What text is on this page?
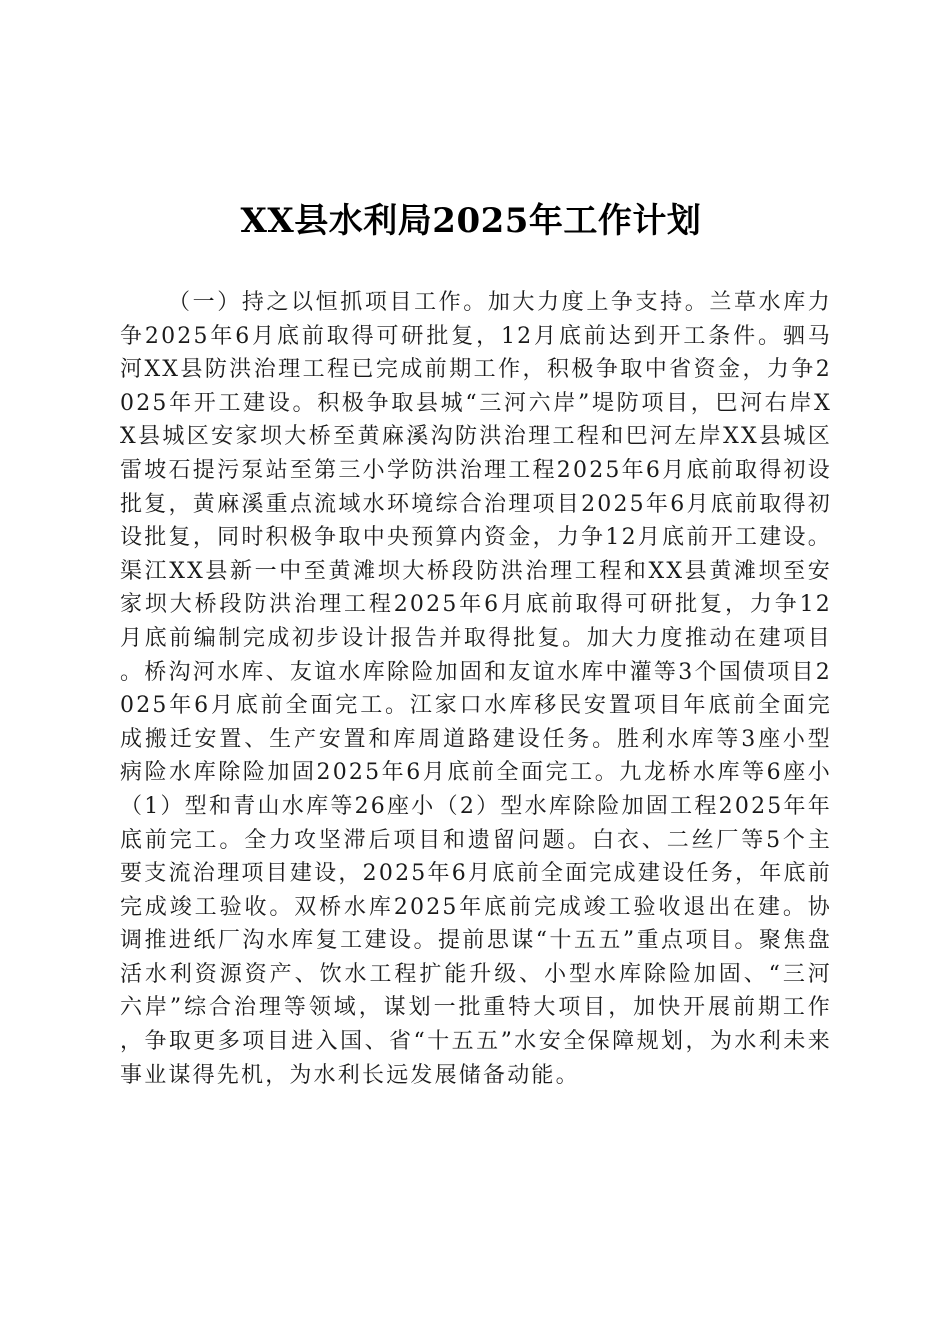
XX县水利局2025年工作计划

（一）持之以恒抓项目工作。加大力度上争支持。兰草水库力争2025年6月底前取得可研批复，12月底前达到开工条件。驷马河XX县防洪治理工程已完成前期工作，积极争取中省资金，力争2025年开工建设。积极争取县城“三河六岸”堤防项目，巴河右岸XX县城区安家坝大桥至黄麻溪沟防洪治理工程和巴河左岸XX县城区雷坡石提污泵站至第三小学防洪治理工程2025年6月底前取得初设批复，黄麻溪重点流域水环境综合治理项目2025年6月底前取得初设批复，同时积极争取中央预算内资金，力争12月底前开工建设。渠江XX县新一中至黄滩坝大桥段防洪治理工程和XX县黄滩坝至安家坝大桥段防洪治理工程2025年6月底前取得可研批复，力争12月底前编制完成初步设计报告并取得批复。加大力度推动在建项目。桥沟河水库、友谊水库除险加固和友谊水库中灌等3个国债项目2025年6月底前全面完工。江家口水库移民安置项目年底前全面完成搬迁安置、生产安置和库周道路建设任务。胜利水库等3座小型病险水库除险加固2025年6月底前全面完工。九龙桥水库等6座小（1）型和青山水库等26座小（2）型水库除险加固工程2025年年底前完工。全力攻坚滞后项目和遗留问题。白衣、二丝厂等5个主要支流治理项目建设，2025年6月底前全面完成建设任务，年底前完成竣工验收。双桥水库2025年底前完成竣工验收退出在建。协调推进纸厂沟水库复工建设。提前思谋“十五五”重点项目。聚焦盘活水利资源资产、饮水工程扩能升级、小型水库除险加固、“三河六岸”综合治理等领域，谋划一批重特大项目，加快开展前期工作，争取更多项目进入国、省“十五五”水安全保障规划，为水利未来事业谋得先机，为水利长远发展储备动能。
